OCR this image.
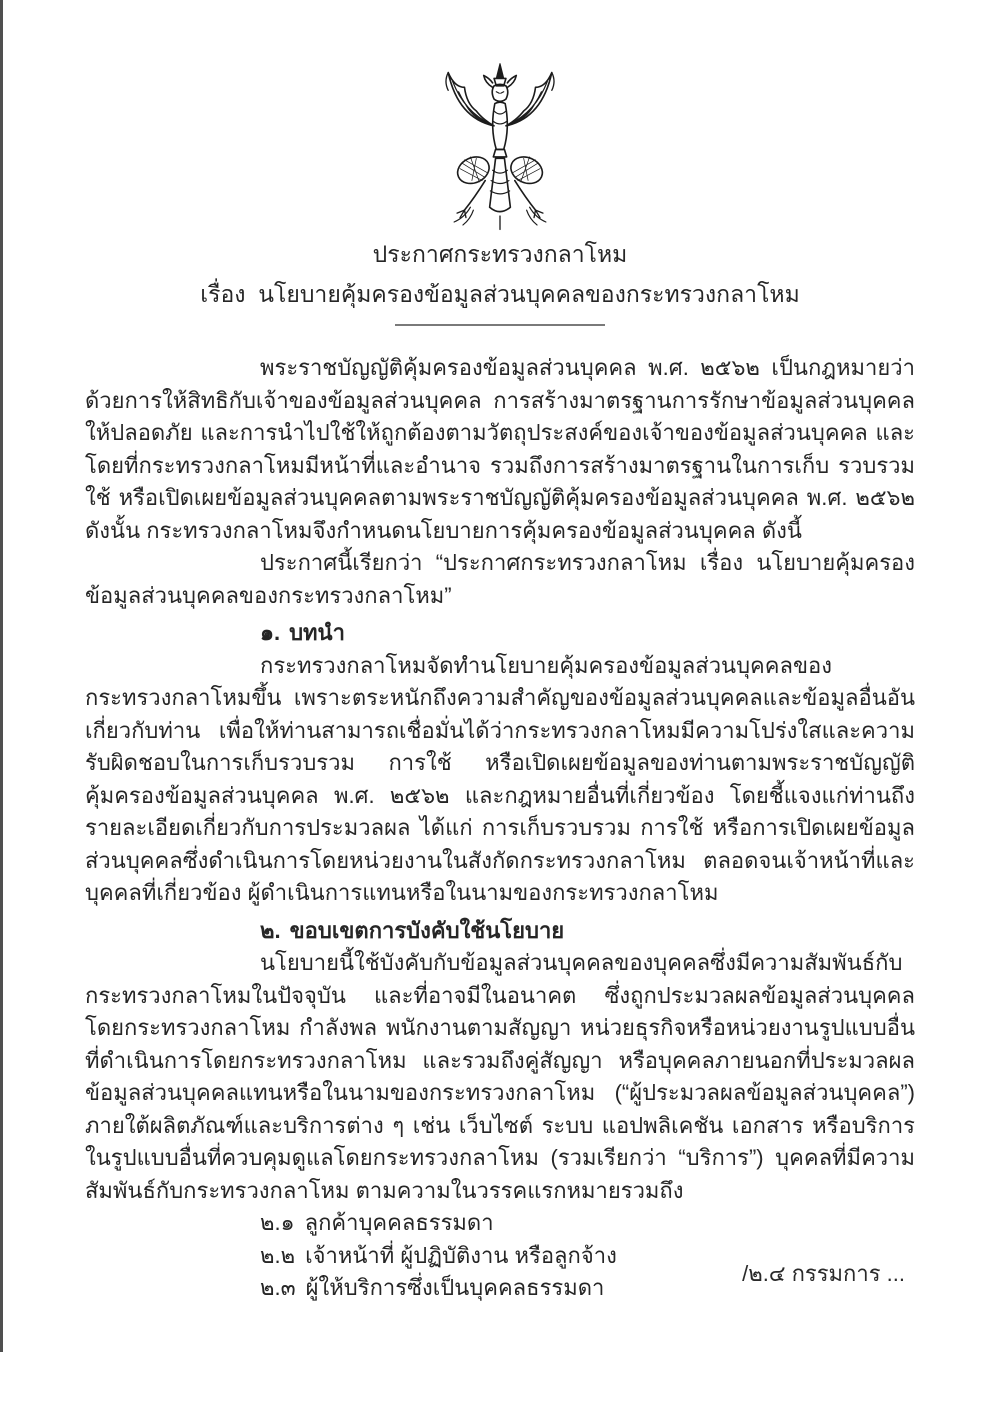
ประกาศกระทรวงกลาโหม
เรื่อง  นโยบายคุ้มครองข้อมูลส่วนบุคคลของกระทรวงกลาโหม

พระราชบัญญัติคุ้มครองข้อมูลส่วนบุคคล พ.ศ. ๒๕๖๒ เป็นกฎหมายว่าด้วยการให้สิทธิกับเจ้าของข้อมูลส่วนบุคคล การสร้างมาตรฐานการรักษาข้อมูลส่วนบุคคลให้ปลอดภัย และการนำไปใช้ให้ถูกต้องตามวัตถุประสงค์ของเจ้าของข้อมูลส่วนบุคคล และโดยที่กระทรวงกลาโหมมีหน้าที่และอำนาจ รวมถึงการสร้างมาตรฐานในการเก็บ รวบรวม ใช้ หรือเปิดเผยข้อมูลส่วนบุคคลตามพระราชบัญญัติคุ้มครองข้อมูลส่วนบุคคล พ.ศ. ๒๕๖๒ ดังนั้น กระทรวงกลาโหมจึงกำหนดนโยบายการคุ้มครองข้อมูลส่วนบุคคล ดังนี้

ประกาศนี้เรียกว่า “ประกาศกระทรวงกลาโหม เรื่อง นโยบายคุ้มครองข้อมูลส่วนบุคคลของกระทรวงกลาโหม”

๑. บทนำ

กระทรวงกลาโหมจัดทำนโยบายคุ้มครองข้อมูลส่วนบุคคลของกระทรวงกลาโหมขึ้น เพราะตระหนักถึงความสำคัญของข้อมูลส่วนบุคคลและข้อมูลอื่นอันเกี่ยวกับท่าน เพื่อให้ท่านสามารถเชื่อมั่นได้ว่ากระทรวงกลาโหมมีความโปร่งใสและความรับผิดชอบในการเก็บรวบรวม การใช้ หรือเปิดเผยข้อมูลของท่านตามพระราชบัญญัติคุ้มครองข้อมูลส่วนบุคคล พ.ศ. ๒๕๖๒ และกฎหมายอื่นที่เกี่ยวข้อง โดยชี้แจงแก่ท่านถึงรายละเอียดเกี่ยวกับการประมวลผล ได้แก่ การเก็บรวบรวม การใช้ หรือการเปิดเผยข้อมูลส่วนบุคคลซึ่งดำเนินการโดยหน่วยงานในสังกัดกระทรวงกลาโหม ตลอดจนเจ้าหน้าที่และบุคคลที่เกี่ยวข้อง ผู้ดำเนินการแทนหรือในนามของกระทรวงกลาโหม

๒. ขอบเขตการบังคับใช้นโยบาย

นโยบายนี้ใช้บังคับกับข้อมูลส่วนบุคคลของบุคคลซึ่งมีความสัมพันธ์กับกระทรวงกลาโหมในปัจจุบัน และที่อาจมีในอนาคต ซึ่งถูกประมวลผลข้อมูลส่วนบุคคล โดยกระทรวงกลาโหม กำลังพล พนักงานตามสัญญา หน่วยธุรกิจหรือหน่วยงานรูปแบบอื่นที่ดำเนินการโดยกระทรวงกลาโหม และรวมถึงคู่สัญญา หรือบุคคลภายนอกที่ประมวลผลข้อมูลส่วนบุคคลแทนหรือในนามของกระทรวงกลาโหม (“ผู้ประมวลผลข้อมูลส่วนบุคคล”) ภายใต้ผลิตภัณฑ์และบริการต่าง ๆ เช่น เว็บไซต์ ระบบ แอปพลิเคชัน เอกสาร หรือบริการในรูปแบบอื่นที่ควบคุมดูแลโดยกระทรวงกลาโหม (รวมเรียกว่า “บริการ”) บุคคลที่มีความสัมพันธ์กับกระทรวงกลาโหม ตามความในวรรคแรกหมายรวมถึง

๒.๑ ลูกค้าบุคคลธรรมดา
๒.๒ เจ้าหน้าที่ ผู้ปฏิบัติงาน หรือลูกจ้าง
๒.๓ ผู้ให้บริการซึ่งเป็นบุคคลธรรมดา
/๒.๔ กรรมการ ...
